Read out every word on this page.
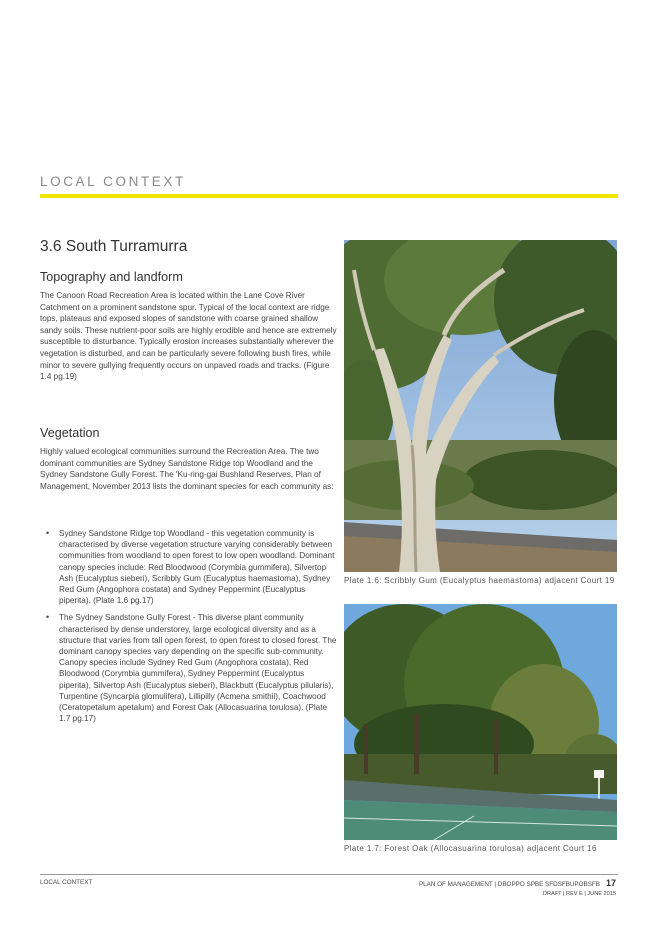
LOCAL CONTEXT
3.6 South Turramurra
Topography and landform

The Canoon Road Recreation Area is located within the Lane Cove River Catchment on a prominent sandstone spur. Typical of the local context are ridge tops, plateaus and exposed slopes of sandstone with coarse grained shallow sandy soils. These nutrient-poor soils are highly erodible and hence are extremely susceptible to disturbance. Typically erosion increases substantially wherever the vegetation is disturbed, and can be particularly severe following bush fires, while minor to severe gullying frequently occurs on unpaved roads and tracks. (Figure 1.4 pg.19)

Vegetation

Highly valued ecological communities surround the Recreation Area. The two dominant communities are Sydney Sandstone Ridge top Woodland and the Sydney Sandstone Gully Forest. The 'Ku-ring-gai Bushland Reserves, Plan of Management, November 2013 lists the dominant species for each community as:

• Sydney Sandstone Ridge top Woodland - this vegetation community is characterised by diverse vegetation structure varying considerably between communities from woodland to open forest to low open woodland. Dominant canopy species include: Red Bloodwood (Corymbia gummifera), Silvertop Ash (Eucalyptus sieberi), Scribbly Gum (Eucalyptus haemastoma), Sydney Red Gum (Angophora costata) and Sydney Peppermint (Eucalyptus piperita). (Plate 1.6 pg.17)
• The Sydney Sandstone Gully Forest - This diverse plant community characterised by dense understorey, large ecological diversity and as a structure that varies from tall open forest, to open forest to closed forest. The dominant canopy species vary depending on the specific sub-community. Canopy species include Sydney Red Gum (Angophora costata), Red Bloodwood (Corymbia gummifera), Sydney Peppermint (Eucalyptus piperita), Silvertop Ash (Eucalyptus sieberi), Blackbutt (Eucalyptus pilularis), Turpentine (Syncarpia glomulifera), Lillipilly (Acmena smithii), Coachwood (Ceratopetalum apetalum) and Forest Oak (Allocasuarina torulosa). (Plate 1.7 pg.17)
Plate 1.6: Scribbly Gum (Eucalyptus haemastoma) adjacent Court 19
Plate 1.7: Forest Oak (Allocasuarina torulosa) adjacent Court 16
LOCAL CONTEXT	PLAN OF MANAGEMENT | DBOPPO SPBE SFDSFBUPOBSFB 17
DRAFT | REV E | JUNE 2015
